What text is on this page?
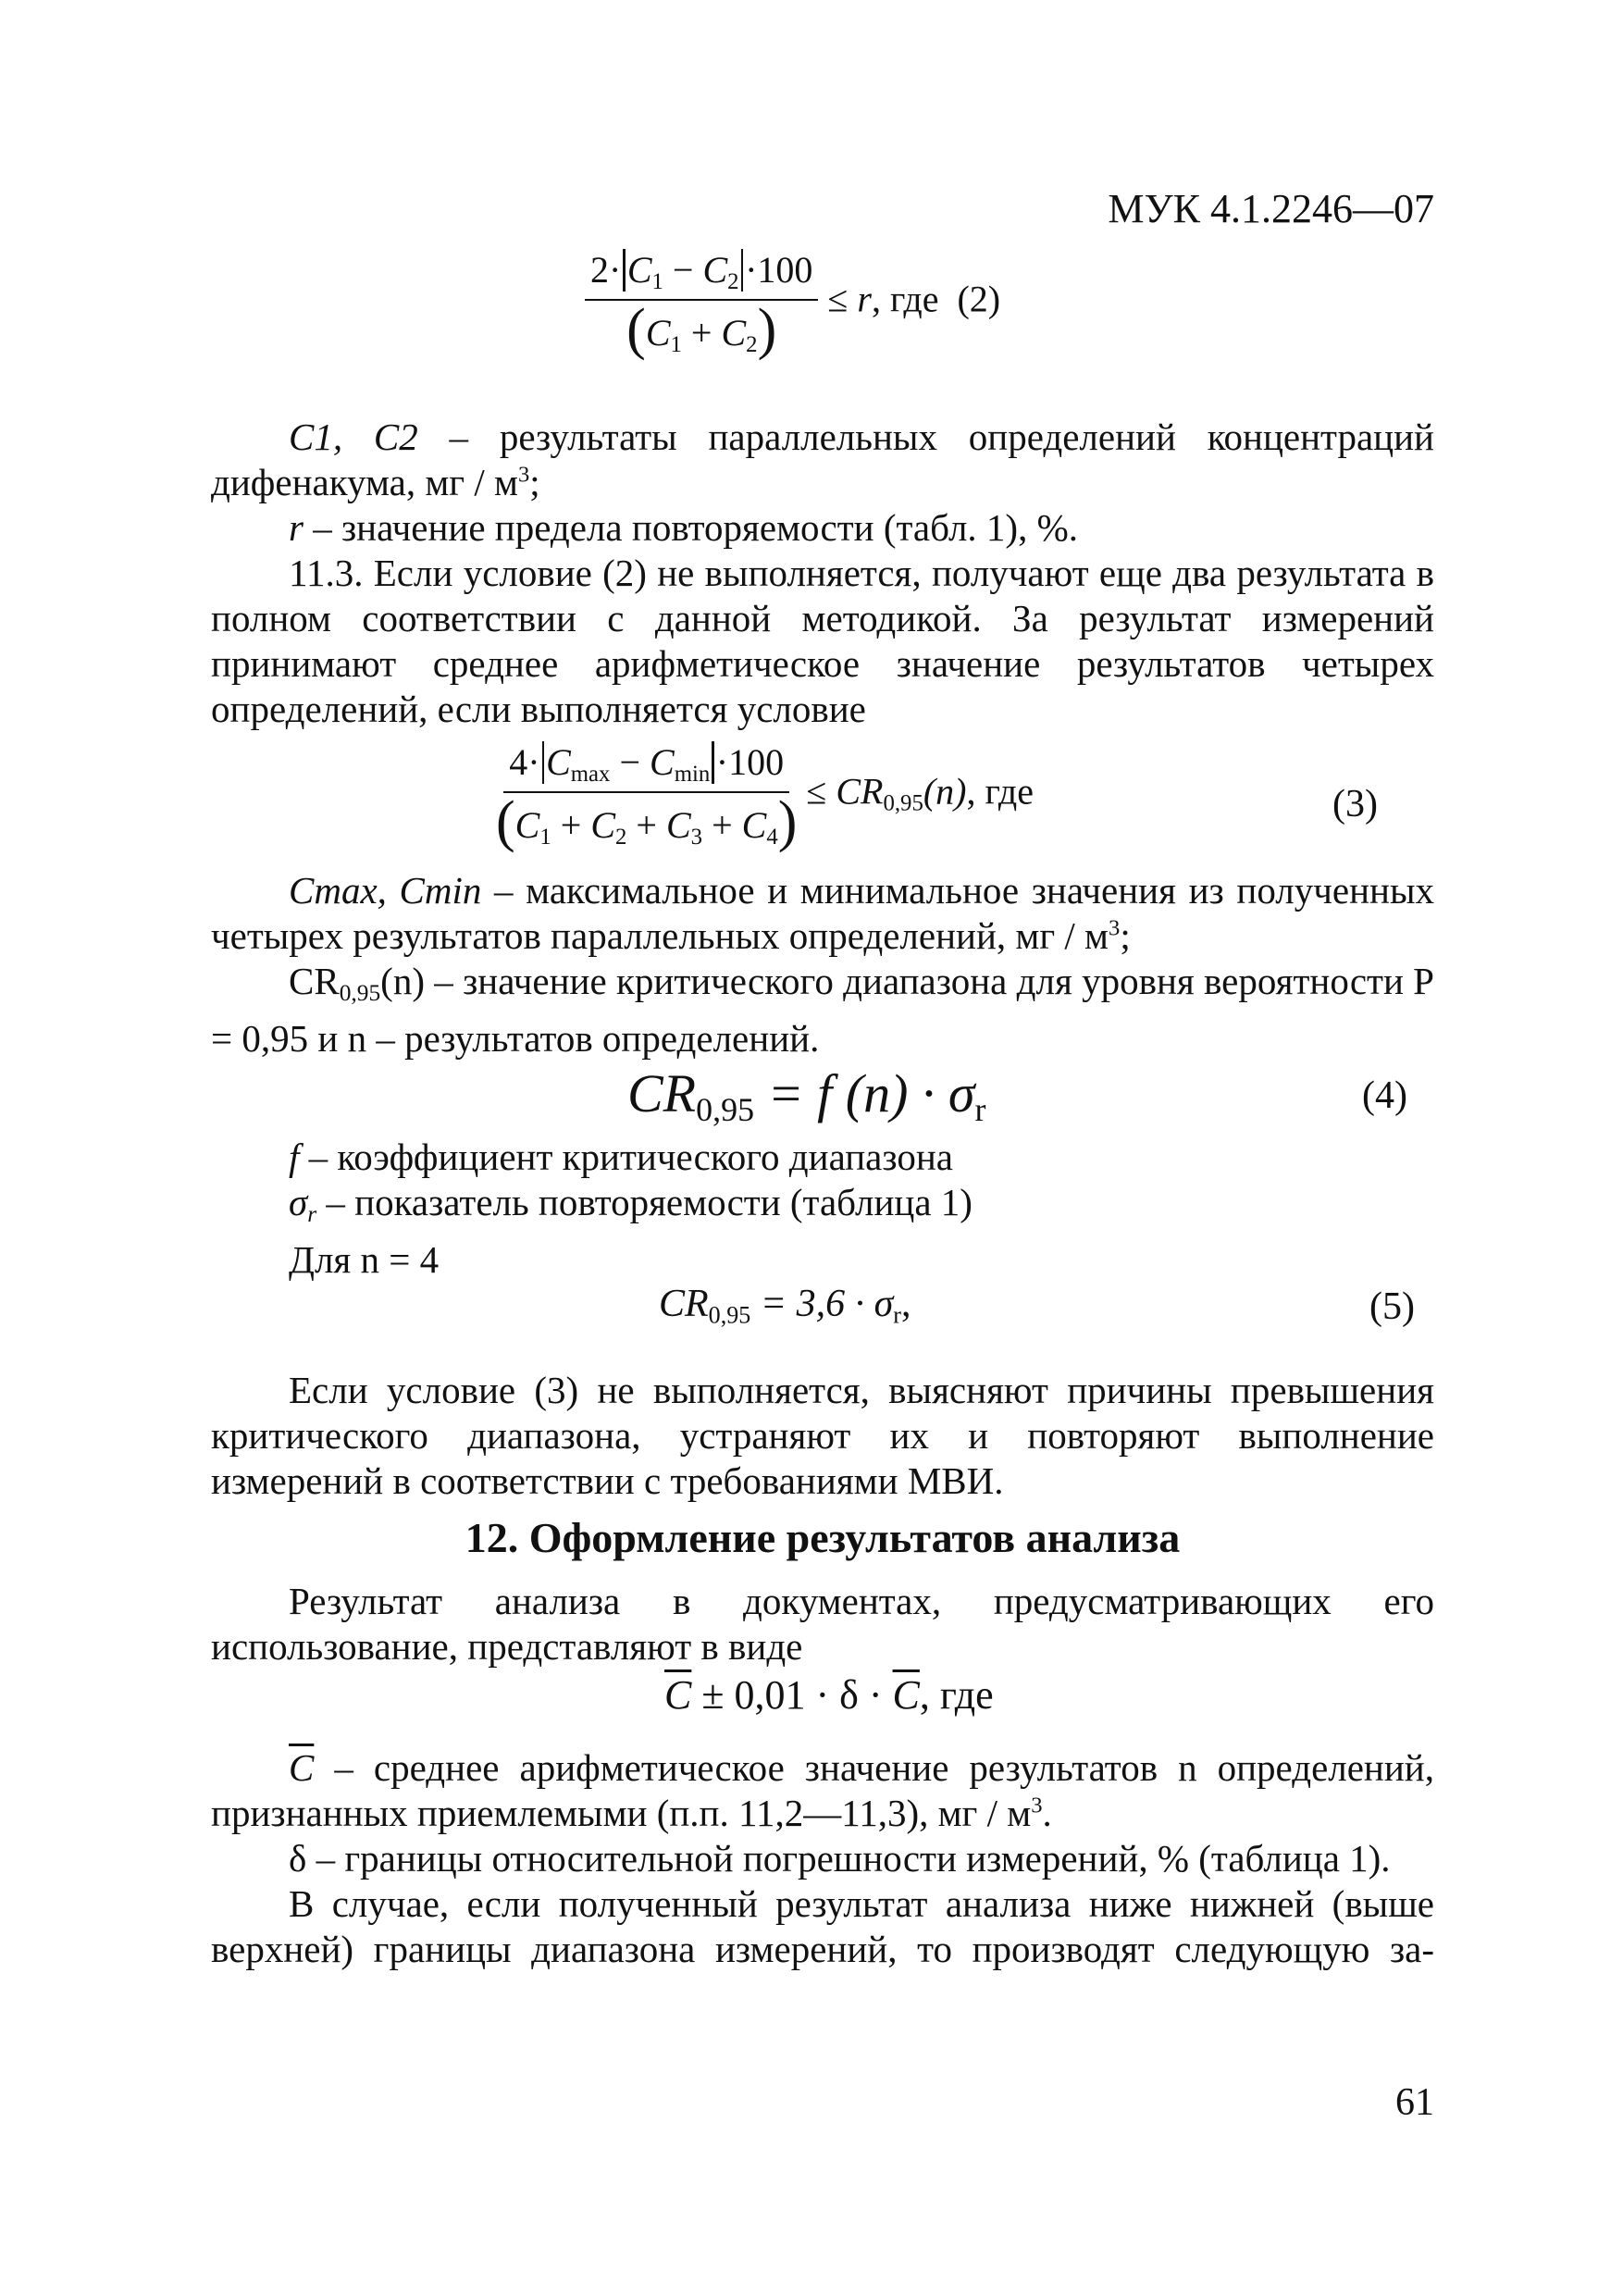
МУК 4.1.2246—07
$\frac{2\cdot C_1 - C_2 \cdot 100}{(C_1 + C_2)} \le r$, где (2)

C1, C2 – результаты параллельных определений концентраций дифенакума, мг / $м^3$;

r – значение предела повторяемости (табл. 1), %.

11.3. Если условие (2) не выполняется, получают еще два результата в полном соответствии с данной методикой. За результат измерений принимают среднее арифметическое значение результатов четырех определений, если выполняется условие

$\frac{4\cdot C_{max} - C_{min} \cdot 100}{(C_1 + C_2 + C_3 + C_4)} \le CR_{0,95}(n)$, где	(3)

Cmax, Cmin – максимальное и минимальное значения из полученных четырех результатов параллельных определений, мг / $м^3$;

$CR_{0,95}(n)$ – значение критического диапазона для уровня вероятности Р = 0,95 и n – результатов определений.

$CR_{0,95} = f$ $(n) \cdot \sigma_r$	(4)

f – коэффициент критического диапазона

$\sigma_r$ – показатель повторяемости (таблица 1)

Для n = 4

$CR_{0,95} = 3,6 \cdot \sigma_r$,	(5)

Если условие (3) не выполняется, выясняют причины превышения критического диапазона, устраняют их и повторяют выполнение измерений в соответствии с требованиями МВИ.

12. Оформление результатов анализа

Результат анализа в документах, предусматривающих его использование, представляют в виде

$\overline{C} \pm 0,01 \cdot \delta \cdot \overline{C}$, где

$\overline{C}$ – среднее арифметическое значение результатов n определений, признанных приемлемыми (п.п. 11,2—11,3), мг / $м^3$.

δ – границы относительной погрешности измерений, % (таблица 1).

В случае, если полученный результат анализа ниже нижней (выше верхней) границы диапазона измерений, то производят следующую за-

61
